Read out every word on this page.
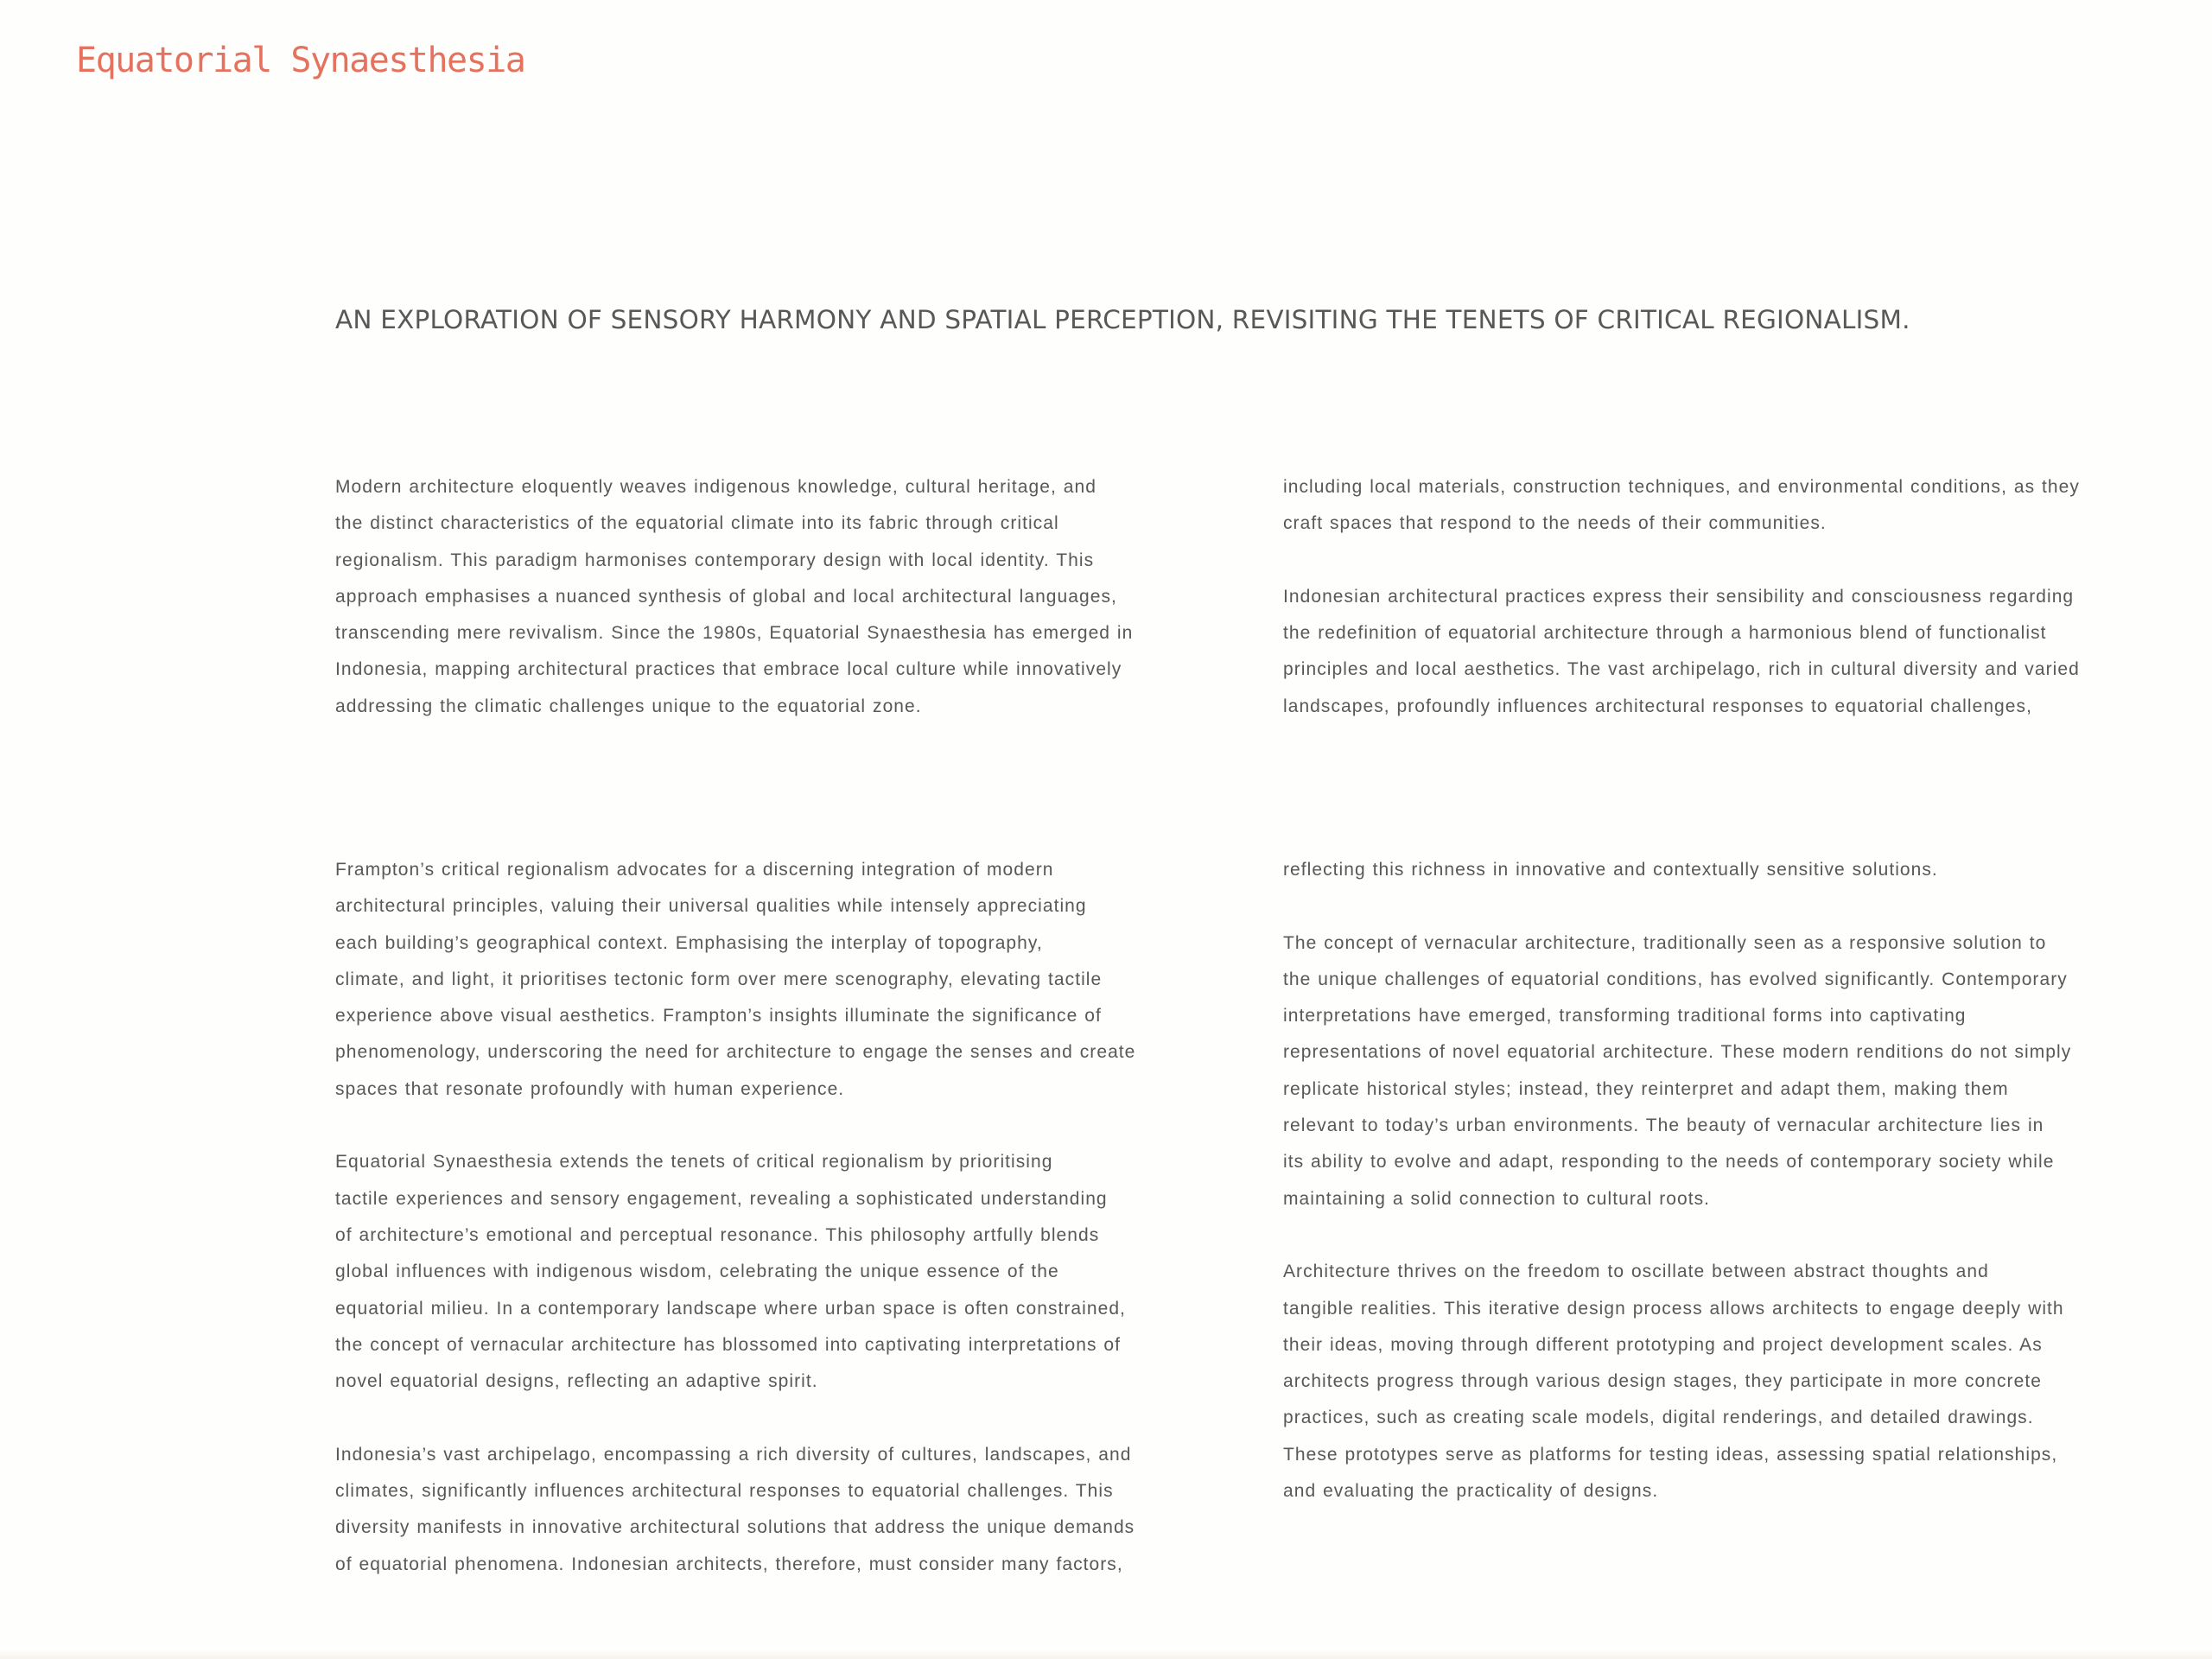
Equatorial Synaesthesia
AN EXPLORATION OF SENSORY HARMONY AND SPATIAL PERCEPTION, REVISITING THE TENETS OF CRITICAL REGIONALISM.
Modern architecture eloquently weaves indigenous knowledge, cultural heritage, and
the distinct characteristics of the equatorial climate into its fabric through critical
regionalism. This paradigm harmonises contemporary design with local identity. This
approach emphasises a nuanced synthesis of global and local architectural languages,
transcending mere revivalism. Since the 1980s, Equatorial Synaesthesia has emerged in
Indonesia, mapping architectural practices that embrace local culture while innovatively
addressing the climatic challenges unique to the equatorial zone.
including local materials, construction techniques, and environmental conditions, as they
craft spaces that respond to the needs of their communities.
Indonesian architectural practices express their sensibility and consciousness regarding
the redefinition of equatorial architecture through a harmonious blend of functionalist
principles and local aesthetics. The vast archipelago, rich in cultural diversity and varied
landscapes, profoundly influences architectural responses to equatorial challenges,
Frampton’s critical regionalism advocates for a discerning integration of modern
architectural principles, valuing their universal qualities while intensely appreciating
each building’s geographical context. Emphasising the interplay of topography,
climate, and light, it prioritises tectonic form over mere scenography, elevating tactile
experience above visual aesthetics. Frampton’s insights illuminate the significance of
phenomenology, underscoring the need for architecture to engage the senses and create
spaces that resonate profoundly with human experience.
Equatorial Synaesthesia extends the tenets of critical regionalism by prioritising
tactile experiences and sensory engagement, revealing a sophisticated understanding
of architecture’s emotional and perceptual resonance. This philosophy artfully blends
global influences with indigenous wisdom, celebrating the unique essence of the
equatorial milieu. In a contemporary landscape where urban space is often constrained,
the concept of vernacular architecture has blossomed into captivating interpretations of
novel equatorial designs, reflecting an adaptive spirit.
Indonesia’s vast archipelago, encompassing a rich diversity of cultures, landscapes, and
climates, significantly influences architectural responses to equatorial challenges. This
diversity manifests in innovative architectural solutions that address the unique demands
of equatorial phenomena. Indonesian architects, therefore, must consider many factors,
reflecting this richness in innovative and contextually sensitive solutions.
The concept of vernacular architecture, traditionally seen as a responsive solution to
the unique challenges of equatorial conditions, has evolved significantly. Contemporary
interpretations have emerged, transforming traditional forms into captivating
representations of novel equatorial architecture. These modern renditions do not simply
replicate historical styles; instead, they reinterpret and adapt them, making them
relevant to today’s urban environments. The beauty of vernacular architecture lies in
its ability to evolve and adapt, responding to the needs of contemporary society while
maintaining a solid connection to cultural roots.
Architecture thrives on the freedom to oscillate between abstract thoughts and
tangible realities. This iterative design process allows architects to engage deeply with
their ideas, moving through different prototyping and project development scales. As
architects progress through various design stages, they participate in more concrete
practices, such as creating scale models, digital renderings, and detailed drawings.
These prototypes serve as platforms for testing ideas, assessing spatial relationships,
and evaluating the practicality of designs.
